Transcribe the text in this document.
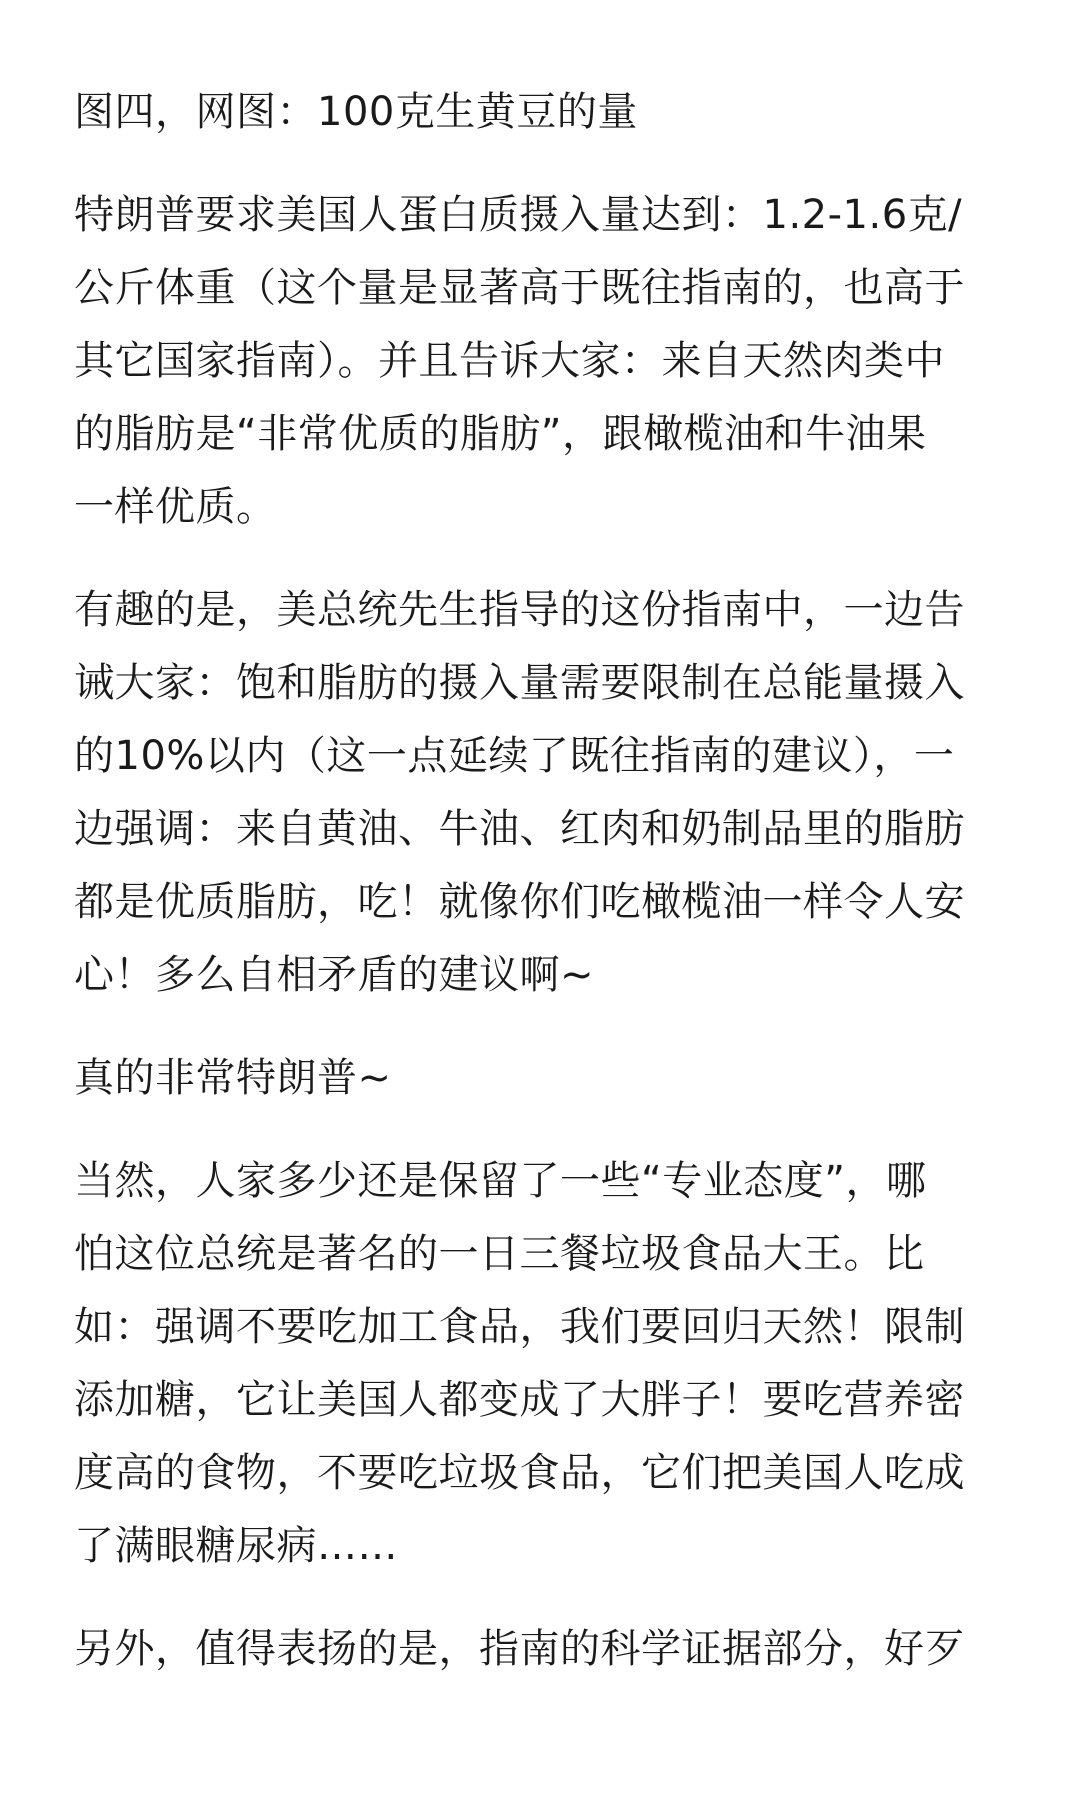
图四，网图：100克生黄豆的量

特朗普要求美国人蛋白质摄入量达到：1.2-1.6克/
公斤体重（这个量是显著高于既往指南的，也高于
其它国家指南）。并且告诉大家：来自天然肉类中
的脂肪是“非常优质的脂肪”，跟橄榄油和牛油果
一样优质。

有趣的是，美总统先生指导的这份指南中，一边告
诫大家：饱和脂肪的摄入量需要限制在总能量摄入
的10%以内（这一点延续了既往指南的建议），一
边强调：来自黄油、牛油、红肉和奶制品里的脂肪
都是优质脂肪，吃！就像你们吃橄榄油一样令人安
心！多么自相矛盾的建议啊~

真的非常特朗普~

当然，人家多少还是保留了一些“专业态度”，哪
怕这位总统是著名的一日三餐垃圾食品大王。比
如：强调不要吃加工食品，我们要回归天然！限制
添加糖，它让美国人都变成了大胖子！要吃营养密
度高的食物，不要吃垃圾食品，它们把美国人吃成
了满眼糖尿病……

另外，值得表扬的是，指南的科学证据部分，好歹
